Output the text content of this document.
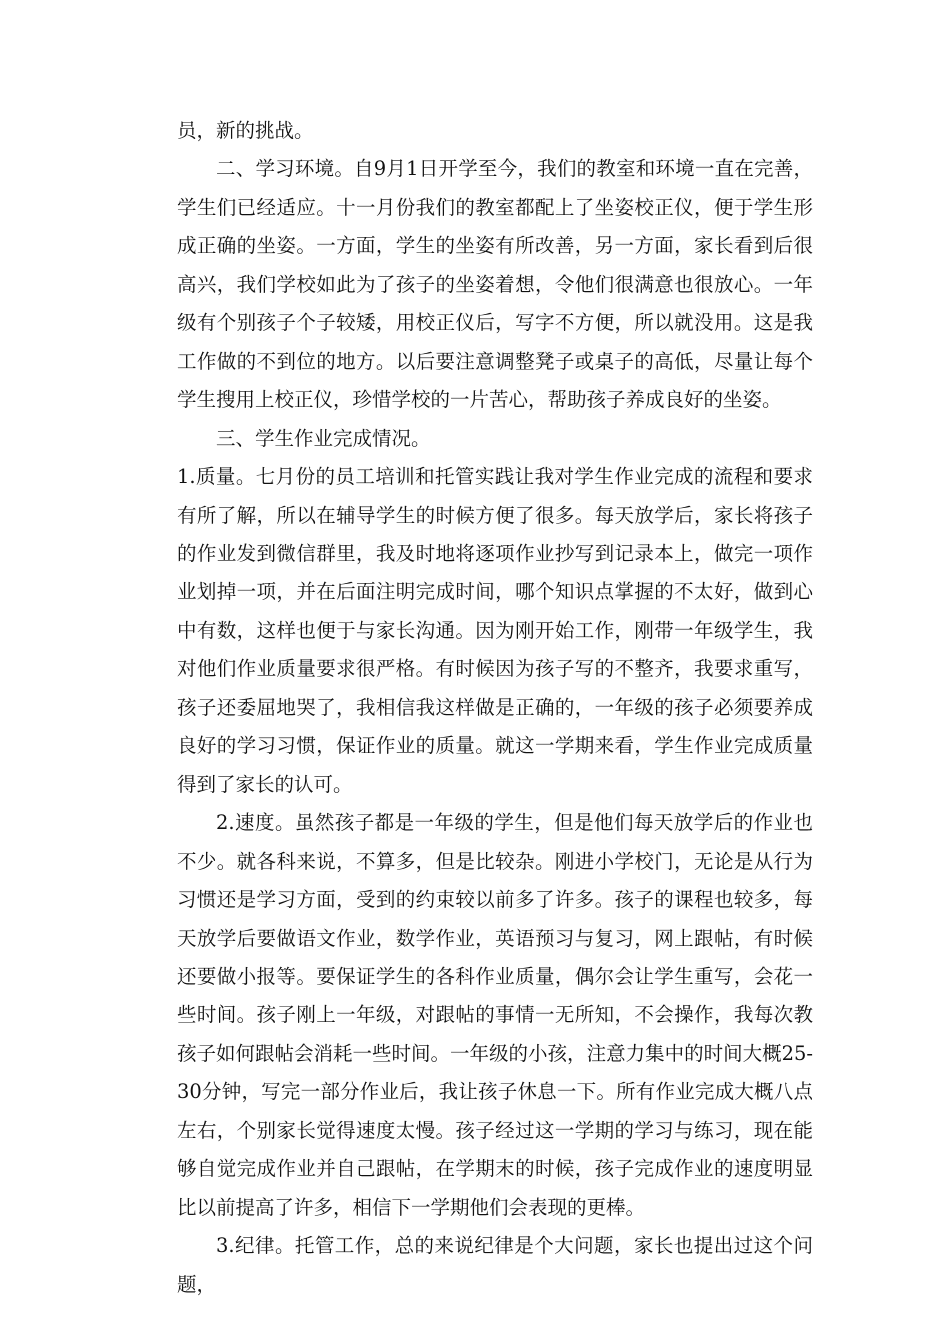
员，新的挑战。

二、学习环境。自9月1日开学至今，我们的教室和环境一直在完善，学生们已经适应。十一月份我们的教室都配上了坐姿校正仪，便于学生形成正确的坐姿。一方面，学生的坐姿有所改善，另一方面，家长看到后很高兴，我们学校如此为了孩子的坐姿着想，令他们很满意也很放心。一年级有个别孩子个子较矮，用校正仪后，写字不方便，所以就没用。这是我工作做的不到位的地方。以后要注意调整凳子或桌子的高低，尽量让每个学生搜用上校正仪，珍惜学校的一片苦心，帮助孩子养成良好的坐姿。

三、学生作业完成情况。

1.质量。七月份的员工培训和托管实践让我对学生作业完成的流程和要求有所了解，所以在辅导学生的时候方便了很多。每天放学后，家长将孩子的作业发到微信群里，我及时地将逐项作业抄写到记录本上，做完一项作业划掉一项，并在后面注明完成时间，哪个知识点掌握的不太好，做到心中有数，这样也便于与家长沟通。因为刚开始工作，刚带一年级学生，我对他们作业质量要求很严格。有时候因为孩子写的不整齐，我要求重写，孩子还委屈地哭了，我相信我这样做是正确的，一年级的孩子必须要养成良好的学习习惯，保证作业的质量。就这一学期来看，学生作业完成质量得到了家长的认可。

2.速度。虽然孩子都是一年级的学生，但是他们每天放学后的作业也不少。就各科来说，不算多，但是比较杂。刚进小学校门，无论是从行为习惯还是学习方面，受到的约束较以前多了许多。孩子的课程也较多，每天放学后要做语文作业，数学作业，英语预习与复习，网上跟帖，有时候还要做小报等。要保证学生的各科作业质量，偶尔会让学生重写，会花一些时间。孩子刚上一年级，对跟帖的事情一无所知，不会操作，我每次教孩子如何跟帖会消耗一些时间。一年级的小孩，注意力集中的时间大概25-30分钟，写完一部分作业后，我让孩子休息一下。所有作业完成大概八点左右，个别家长觉得速度太慢。孩子经过这一学期的学习与练习，现在能够自觉完成作业并自己跟帖，在学期末的时候，孩子完成作业的速度明显比以前提高了许多，相信下一学期他们会表现的更棒。

3.纪律。托管工作，总的来说纪律是个大问题，家长也提出过这个问题，
